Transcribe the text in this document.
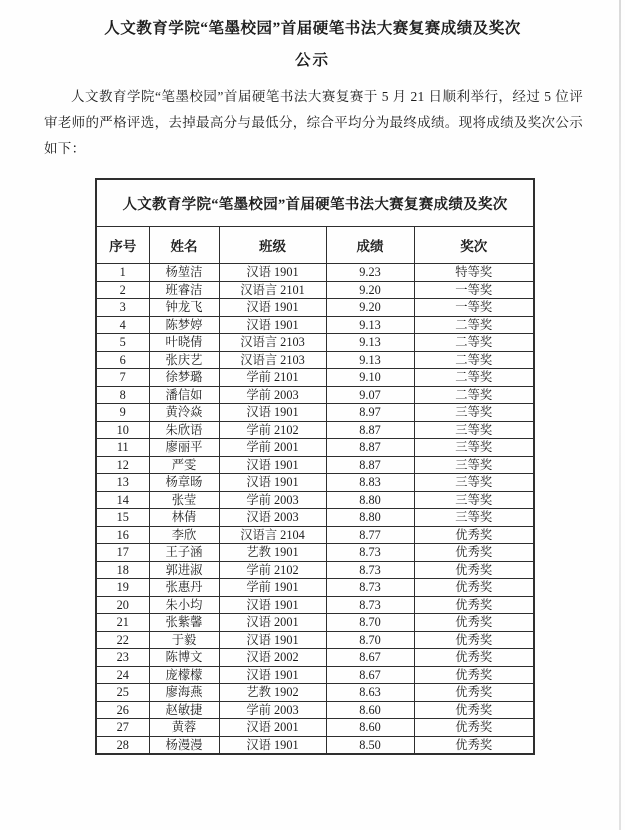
人文教育学院“笔墨校园”首届硬笔书法大赛复赛成绩及奖次
公示

人文教育学院“笔墨校园”首届硬笔书法大赛复赛于 5 月 21 日顺利举行，经过 5 位评审老师的严格评选，去掉最高分与最低分，综合平均分为最终成绩。现将成绩及奖次公示如下：

人文教育学院“笔墨校园”首届硬笔书法大赛复赛成绩及奖次				
序号	姓名	班级	成绩	奖次
1	杨堃洁	汉语 1901	9.23	特等奖
2	班睿洁	汉语言 2101	9.20	一等奖
3	钟龙飞	汉语 1901	9.20	一等奖
4	陈梦婷	汉语 1901	9.13	二等奖
5	叶晓倩	汉语言 2103	9.13	二等奖
6	张庆艺	汉语言 2103	9.13	二等奖
7	徐梦璐	学前 2101	9.10	二等奖
8	潘信如	学前 2003	9.07	二等奖
9	黄泠焱	汉语 1901	8.97	三等奖
10	朱欣语	学前 2102	8.87	三等奖
11	廖丽平	学前 2001	8.87	三等奖
12	严雯	汉语 1901	8.87	三等奖
13	杨章旸	汉语 1901	8.83	三等奖
14	张莹	学前 2003	8.80	三等奖
15	林倩	汉语 2003	8.80	三等奖
16	李欣	汉语言 2104	8.77	优秀奖
17	王子涵	艺教 1901	8.73	优秀奖
18	郭进淑	学前 2102	8.73	优秀奖
19	张惠丹	学前 1901	8.73	优秀奖
20	朱小均	汉语 1901	8.73	优秀奖
21	张紫馨	汉语 2001	8.70	优秀奖
22	于毅	汉语 1901	8.70	优秀奖
23	陈博文	汉语 2002	8.67	优秀奖
24	庞檬檬	汉语 1901	8.67	优秀奖
25	廖海燕	艺教 1902	8.63	优秀奖
26	赵敏捷	学前 2003	8.60	优秀奖
27	黄蓉	汉语 2001	8.60	优秀奖
28	杨漫漫	汉语 1901	8.50	优秀奖
